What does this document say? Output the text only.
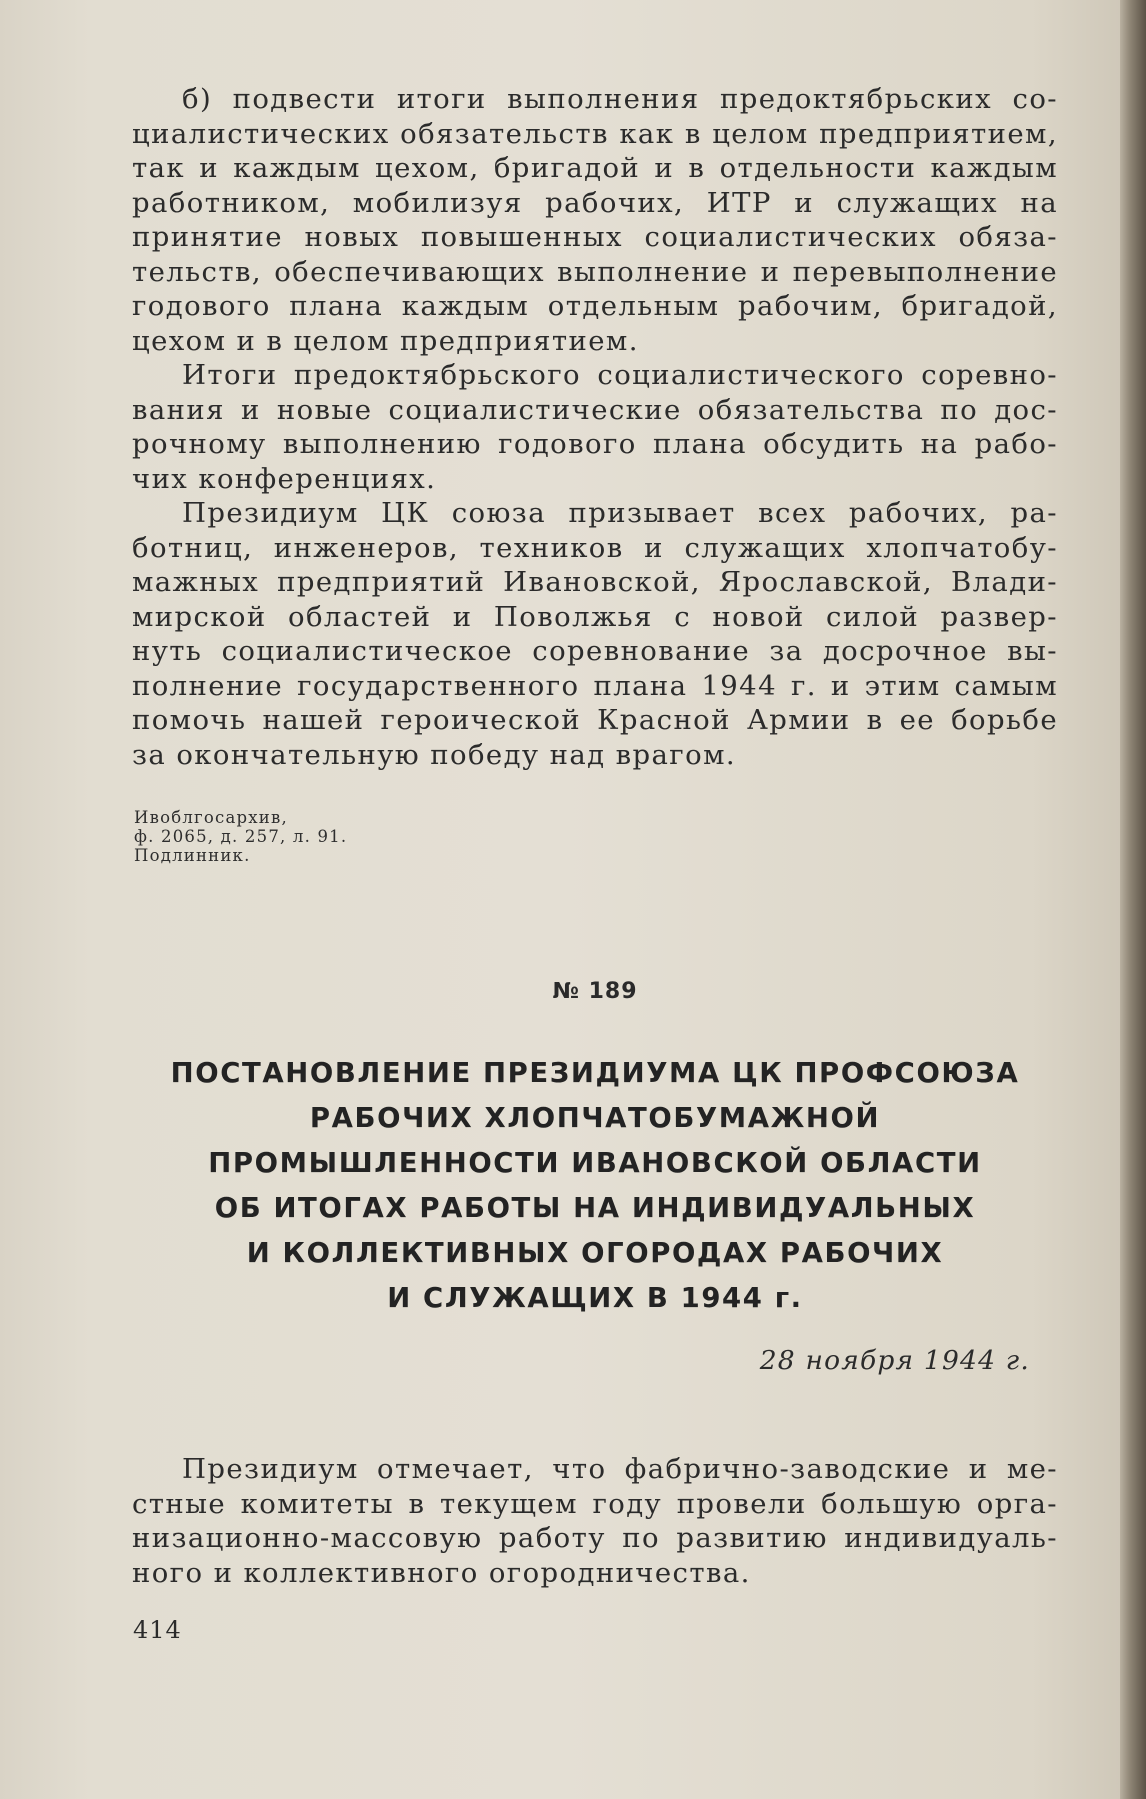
б) подвести итоги выполнения предоктябрьских со-
циалистических обязательств как в целом предприятием,
так и каждым цехом, бригадой и в отдельности каждым
работником, мобилизуя рабочих, ИТР и служащих на
принятие новых повышенных социалистических обяза-
тельств, обеспечивающих выполнение и перевыполнение
годового плана каждым отдельным рабочим, бригадой,
цехом и в целом предприятием.
Итоги предоктябрьского социалистического соревно-
вания и новые социалистические обязательства по дос-
рочному выполнению годового плана обсудить на рабо-
чих конференциях.
Президиум ЦК союза призывает всех рабочих, ра-
ботниц, инженеров, техников и служащих хлопчатобу-
мажных предприятий Ивановской, Ярославской, Влади-
мирской областей и Поволжья с новой силой развер-
нуть социалистическое соревнование за досрочное вы-
полнение государственного плана 1944 г. и этим самым
помочь нашей героической Красной Армии в ее борьбе
за окончательную победу над врагом.
Ивоблгосархив,
ф. 2065, д. 257, л. 91.
Подлинник.
№ 189
ПОСТАНОВЛЕНИЕ ПРЕЗИДИУМА ЦК ПРОФСОЮЗА
РАБОЧИХ ХЛОПЧАТОБУМАЖНОЙ
ПРОМЫШЛЕННОСТИ ИВАНОВСКОЙ ОБЛАСТИ
ОБ ИТОГАХ РАБОТЫ НА ИНДИВИДУАЛЬНЫХ
И КОЛЛЕКТИВНЫХ ОГОРОДАХ РАБОЧИХ
И СЛУЖАЩИХ В 1944 г.
28 ноября 1944 г.
Президиум отмечает, что фабрично-заводские и ме-
стные комитеты в текущем году провели большую орга-
низационно-массовую работу по развитию индивидуаль-
ного и коллективного огородничества.
414
